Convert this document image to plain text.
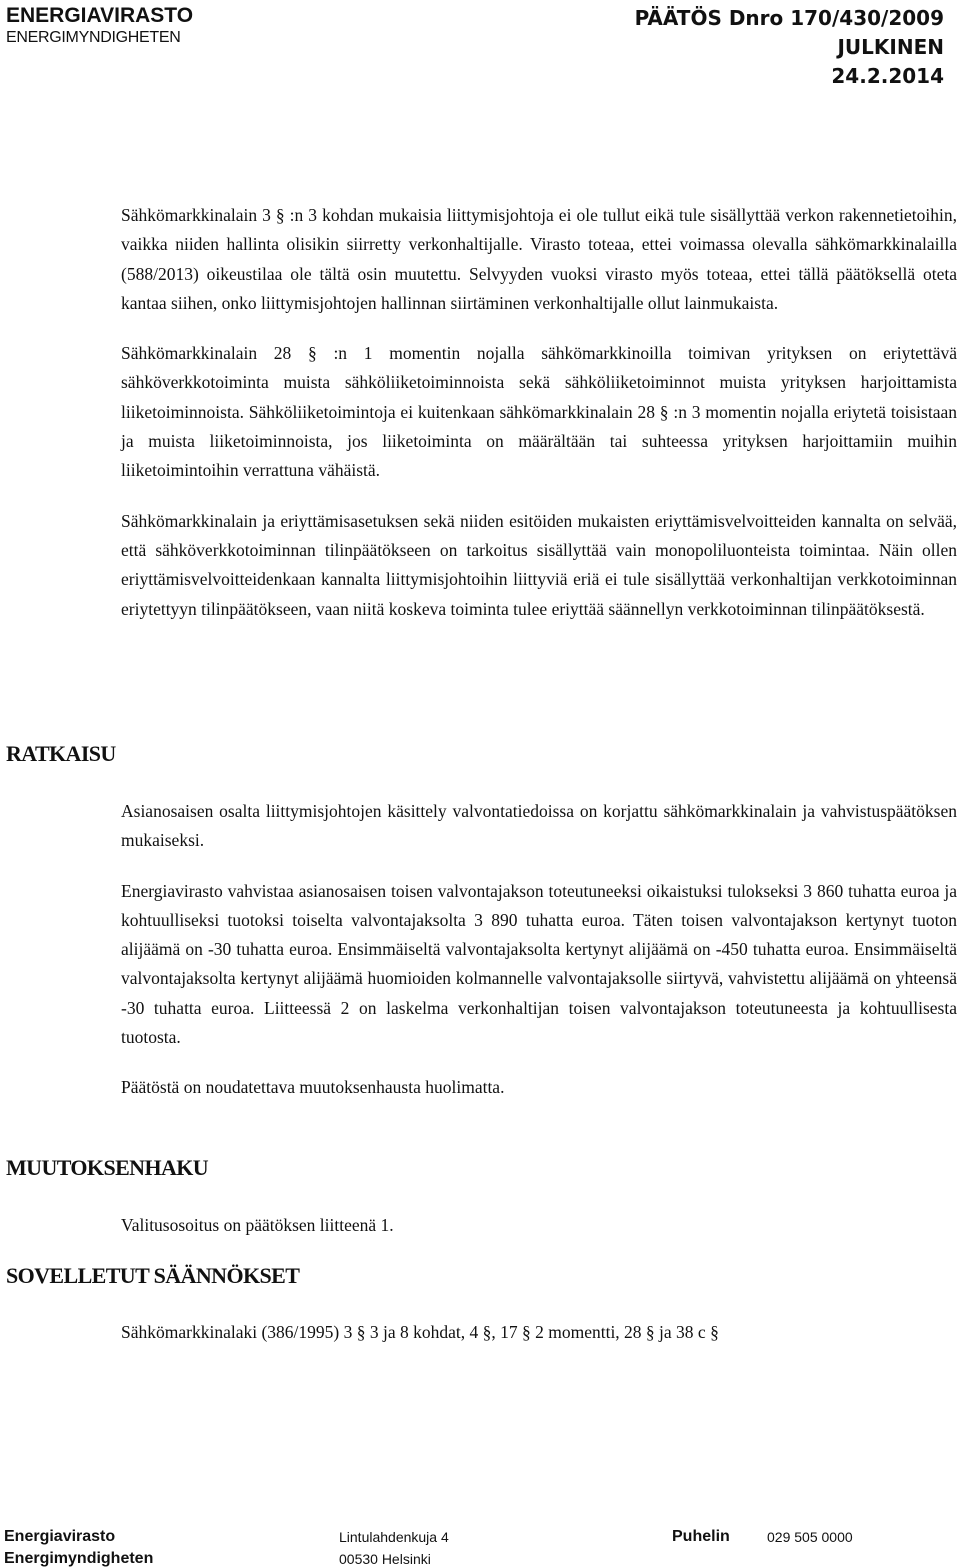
ENERGIAVIRASTO
ENERGIMYNDIGHETEN
PÄÄTÖS Dnro 170/430/2009
JULKINEN
24.2.2014
RATKAISU
MUUTOKSENHAKU
SOVELLETUT SÄÄNNÖKSET

Sähkömarkkinalain 3 § :n 3 kohdan mukaisia liittymisjohtoja ei ole tullut eikä tule sisällyttää verkon rakennetietoihin, vaikka niiden hallinta olisikin siirretty verkonhaltijalle. Virasto toteaa, ettei voimassa olevalla sähkömarkkinalailla (588/2013) oikeustilaa ole tältä osin muutettu. Selvyyden vuoksi virasto myös toteaa, ettei tällä päätöksellä oteta kantaa siihen, onko liittymisjohtojen hallinnan siirtäminen verkonhaltijalle ollut lainmukaista.

Sähkömarkkinalain 28 § :n 1 momentin nojalla sähkömarkkinoilla toimivan yrityksen on eriytettävä sähköverkkotoiminta muista sähköliiketoiminnoista sekä sähköliiketoiminnot muista yrityksen harjoittamista liiketoiminnoista. Sähköliiketoimintoja ei kuitenkaan sähkömarkkinalain 28 § :n 3 momentin nojalla eriytetä toisistaan ja muista liiketoiminnoista, jos liiketoiminta on määrältään tai suhteessa yrityksen harjoittamiin muihin liiketoimintoihin verrattuna vähäistä.

Sähkömarkkinalain ja eriyttämisasetuksen sekä niiden esitöiden mukaisten eriyttämisvelvoitteiden kannalta on selvää, että sähköverkkotoiminnan tilinpäätökseen on tarkoitus sisällyttää vain monopoliluonteista toimintaa. Näin ollen eriyttämisvelvoitteidenkaan kannalta liittymisjohtoihin liittyviä eriä ei tule sisällyttää verkonhaltijan verkkotoiminnan eriytettyyn tilinpäätökseen, vaan niitä koskeva toiminta tulee eriyttää säännellyn verkkotoiminnan tilinpäätöksestä.

Asianosaisen osalta liittymisjohtojen käsittely valvontatiedoissa on korjattu sähkömarkkinalain ja vahvistuspäätöksen mukaiseksi.

Energiavirasto vahvistaa asianosaisen toisen valvontajakson toteutuneeksi oikaistuksi tulokseksi 3 860 tuhatta euroa ja kohtuulliseksi tuotoksi toiselta valvontajaksolta 3 890 tuhatta euroa. Täten toisen valvontajakson kertynyt tuoton alijäämä on -30 tuhatta euroa. Ensimmäiseltä valvontajaksolta kertynyt alijäämä on -450 tuhatta euroa. Ensimmäiseltä valvontajaksolta kertynyt alijäämä huomioiden kolmannelle valvontajaksolle siirtyvä, vahvistettu alijäämä on yhteensä -30 tuhatta euroa. Liitteessä 2 on laskelma verkonhaltijan toisen valvontajakson toteutuneesta ja kohtuullisesta tuotosta.

Päätöstä on noudatettava muutoksenhausta huolimatta.

Valitusosoitus on päätöksen liitteenä 1.

Sähkömarkkinalaki (386/1995) 3 § 3 ja 8 kohdat, 4 §, 17 § 2 momentti, 28 § ja 38 c §

Energiavirasto
Energimyndigheten
Lintulahdenkuja 4
00530 Helsinki
Puhelin	029 505 0000
